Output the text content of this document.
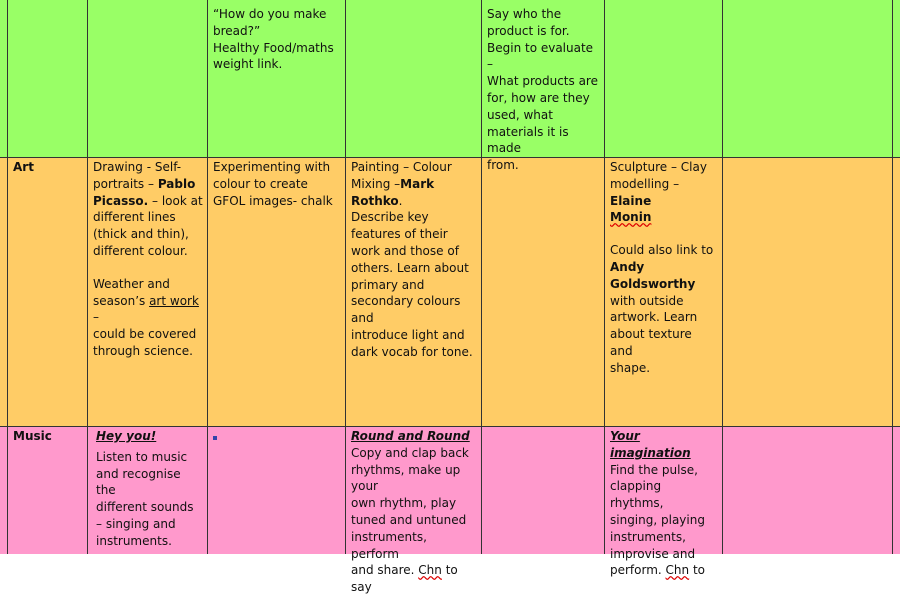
“How do you make

bread?”

Healthy Food/maths

weight link.

Say who the

product is for.

Begin to evaluate –

What products are

for, how are they

used, what

materials it is made

from.

Art	Drawing - Self-

portraits – Pablo

Picasso. – look at

different lines

(thick and thin),

different colour.

Weather and

season’s art work –

could be covered

through science.

Experimenting with

colour to create

GFOL images- chalk

Painting – Colour

Mixing –Mark Rothko.

Describe key

features of their

work and those of

others. Learn about

primary and

secondary colours and

introduce light and

dark vocab for tone.

Sculpture – Clay

modelling – Elaine

Monin

Could also link to

Andy Goldsworthy

with outside

artwork. Learn

about texture and

shape.

Music	Hey you!

Listen to music

and recognise the

different sounds

– singing and

instruments.

Round and Round

Copy and clap back

rhythms, make up your

own rhythm, play

tuned and untuned

instruments, perform

and share. Chn to say

Your imagination

Find the pulse,

clapping rhythms,

singing, playing

instruments,

improvise and

perform. Chn to
